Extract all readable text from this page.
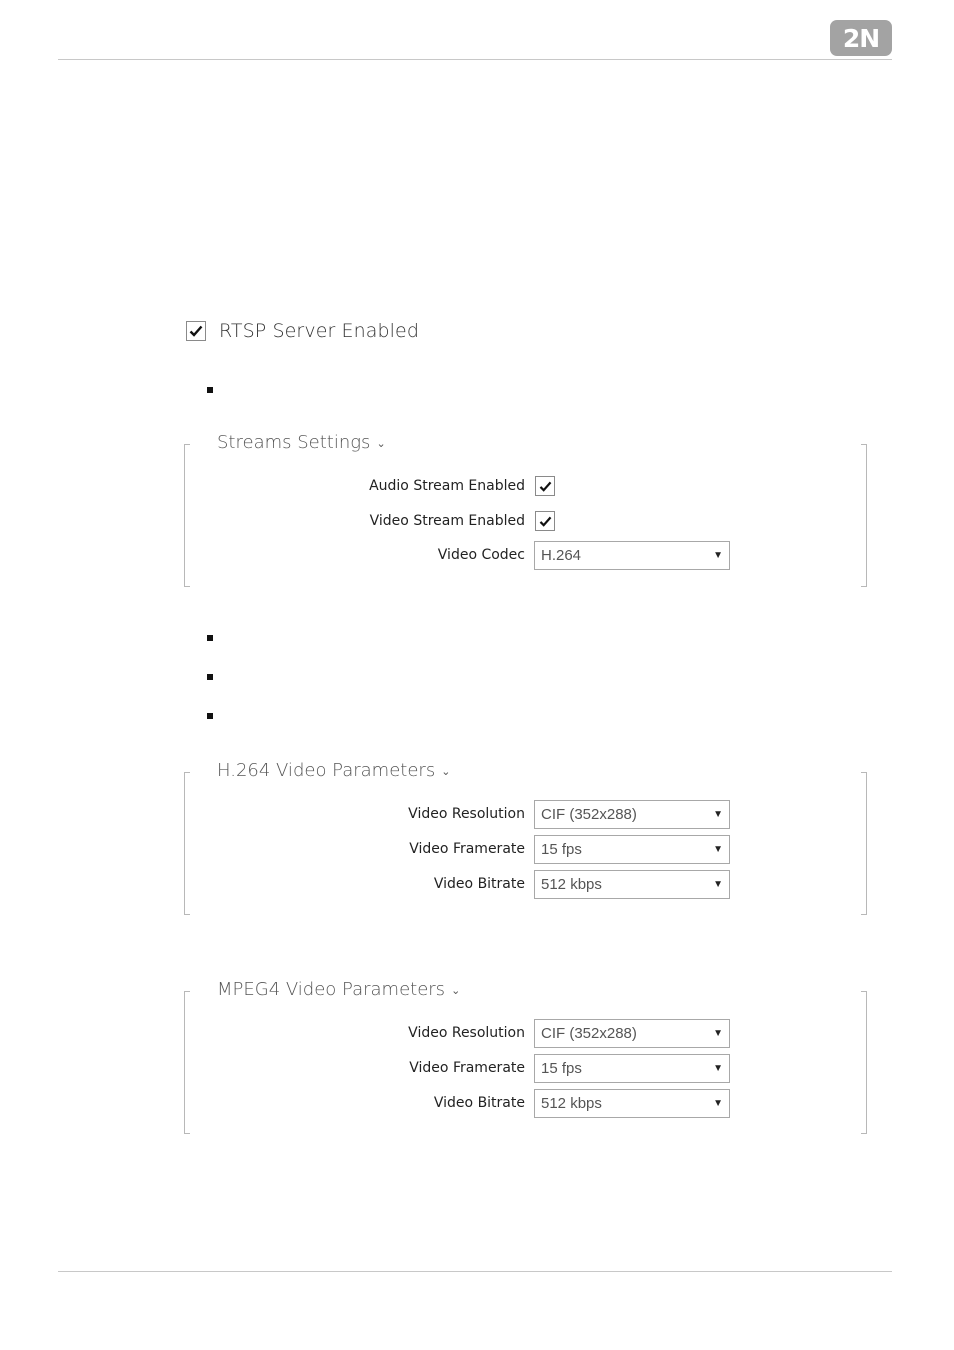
2N
RTSP Server Enabled
Streams Settings ⌄
Audio Stream Enabled
Video Stream Enabled
Video Codec	H.264	▼
H.264 Video Parameters ⌄
Video Resolution	CIF (352x288)	▼
Video Framerate	15 fps	▼
Video Bitrate	512 kbps	▼
MPEG4 Video Parameters ⌄
Video Resolution	CIF (352x288)	▼
Video Framerate	15 fps	▼
Video Bitrate	512 kbps	▼
